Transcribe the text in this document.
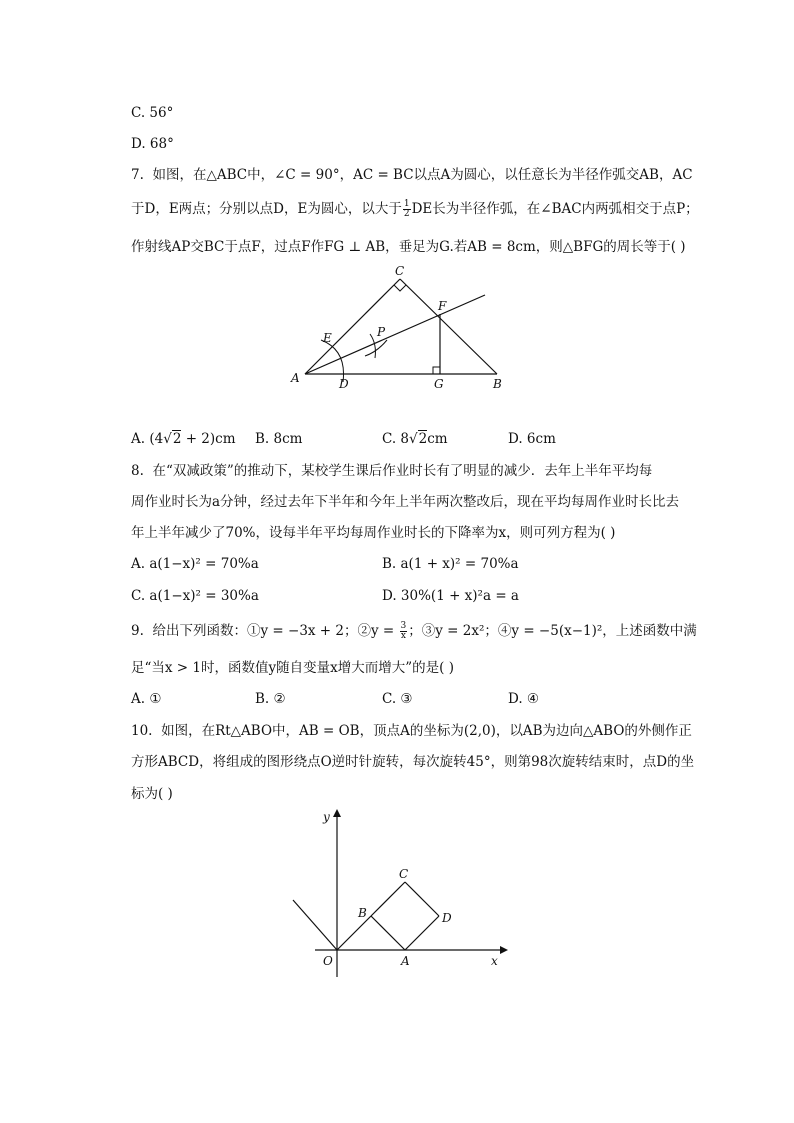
C. 56°
D. 68°
7. 如图，在△ABC中，∠C = 90°，AC = BC以点A为圆心，以任意长为半径作弧交AB，AC
于D，E两点；分别以点D，E为圆心，以大于 $\frac{1}{2}$ DE长为半径作弧，在∠BAC内两弧相交于点P；
作射线AP交BC于点F，过点F作FG ⊥ AB，垂足为G.若AB = 8cm，则△BFG的周长等于( )
C
F
E	P
A	D	G	B
A. (4√2 + 2)cm B. 8cm	C. 8√2cm	D. 6cm
8. 在“双减政策”的推动下，某校学生课后作业时长有了明显的减少．去年上半年平均每
周作业时长为a分钟，经过去年下半年和今年上半年两次整改后，现在平均每周作业时长比去
年上半年减少了70%，设每半年平均每周作业时长的下降率为x，则可列方程为( )
A. a(1−x)² = 70%a	B. a(1 + x)² = 70%a
C. a(1−x)² = 30%a	D. 30%(1 + x)²a = a
9. 给出下列函数：①y = −3x + 2；②y = $\frac{3}{x}$ ；③y = 2x²；④y = −5(x−1)²，上述函数中满
足“当x > 1时，函数值y随自变量x增大而增大”的是( )
A. ①	B. ②	C. ③	D. ④
10. 如图，在Rt△ABO中，AB = OB，顶点A的坐标为(2,0)，以AB为边向△ABO的外侧作正
方形ABCD，将组成的图形绕点O逆时针旋转，每次旋转45°，则第98次旋转结束时，点D的坐
标为( )
y
C
B	D
O	A	x
